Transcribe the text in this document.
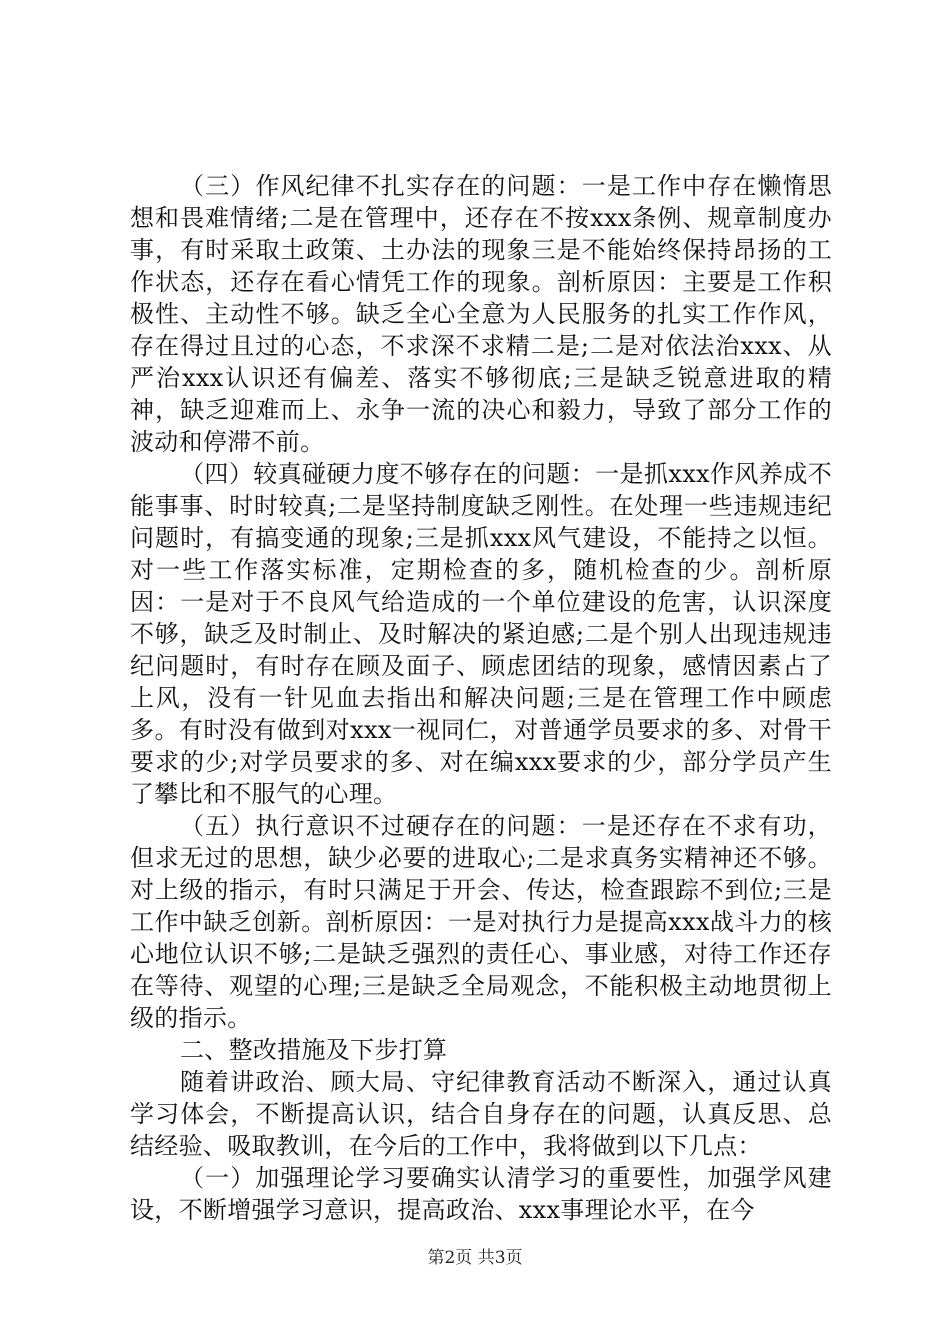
（三）作风纪律不扎实存在的问题：一是工作中存在懒惰思想和畏难情绪;二是在管理中，还存在不按xxx条例、规章制度办事，有时采取土政策、土办法的现象三是不能始终保持昂扬的工作状态，还存在看心情凭工作的现象。剖析原因：主要是工作积极性、主动性不够。缺乏全心全意为人民服务的扎实工作作风，存在得过且过的心态，不求深不求精二是;二是对依法治xxx、从严治xxx认识还有偏差、落实不够彻底;三是缺乏锐意进取的精神，缺乏迎难而上、永争一流的决心和毅力，导致了部分工作的波动和停滞不前。

（四）较真碰硬力度不够存在的问题：一是抓xxx作风养成不能事事、时时较真;二是坚持制度缺乏刚性。在处理一些违规违纪问题时，有搞变通的现象;三是抓xxx风气建设，不能持之以恒。对一些工作落实标准，定期检查的多，随机检查的少。剖析原因：一是对于不良风气给造成的一个单位建设的危害，认识深度不够，缺乏及时制止、及时解决的紧迫感;二是个别人出现违规违纪问题时，有时存在顾及面子、顾虑团结的现象，感情因素占了上风，没有一针见血去指出和解决问题;三是在管理工作中顾虑多。有时没有做到对xxx一视同仁，对普通学员要求的多、对骨干要求的少;对学员要求的多、对在编xxx要求的少，部分学员产生了攀比和不服气的心理。

（五）执行意识不过硬存在的问题：一是还存在不求有功，但求无过的思想，缺少必要的进取心;二是求真务实精神还不够。对上级的指示，有时只满足于开会、传达，检查跟踪不到位;三是工作中缺乏创新。剖析原因：一是对执行力是提高xxx战斗力的核心地位认识不够;二是缺乏强烈的责任心、事业感，对待工作还存在等待、观望的心理;三是缺乏全局观念，不能积极主动地贯彻上级的指示。

二、整改措施及下步打算

随着讲政治、顾大局、守纪律教育活动不断深入，通过认真学习体会，不断提高认识，结合自身存在的问题，认真反思、总结经验、吸取教训，在今后的工作中，我将做到以下几点：

（一）加强理论学习要确实认清学习的重要性，加强学风建设，不断增强学习意识，提高政治、xxx事理论水平，在今

第2页 共3页
